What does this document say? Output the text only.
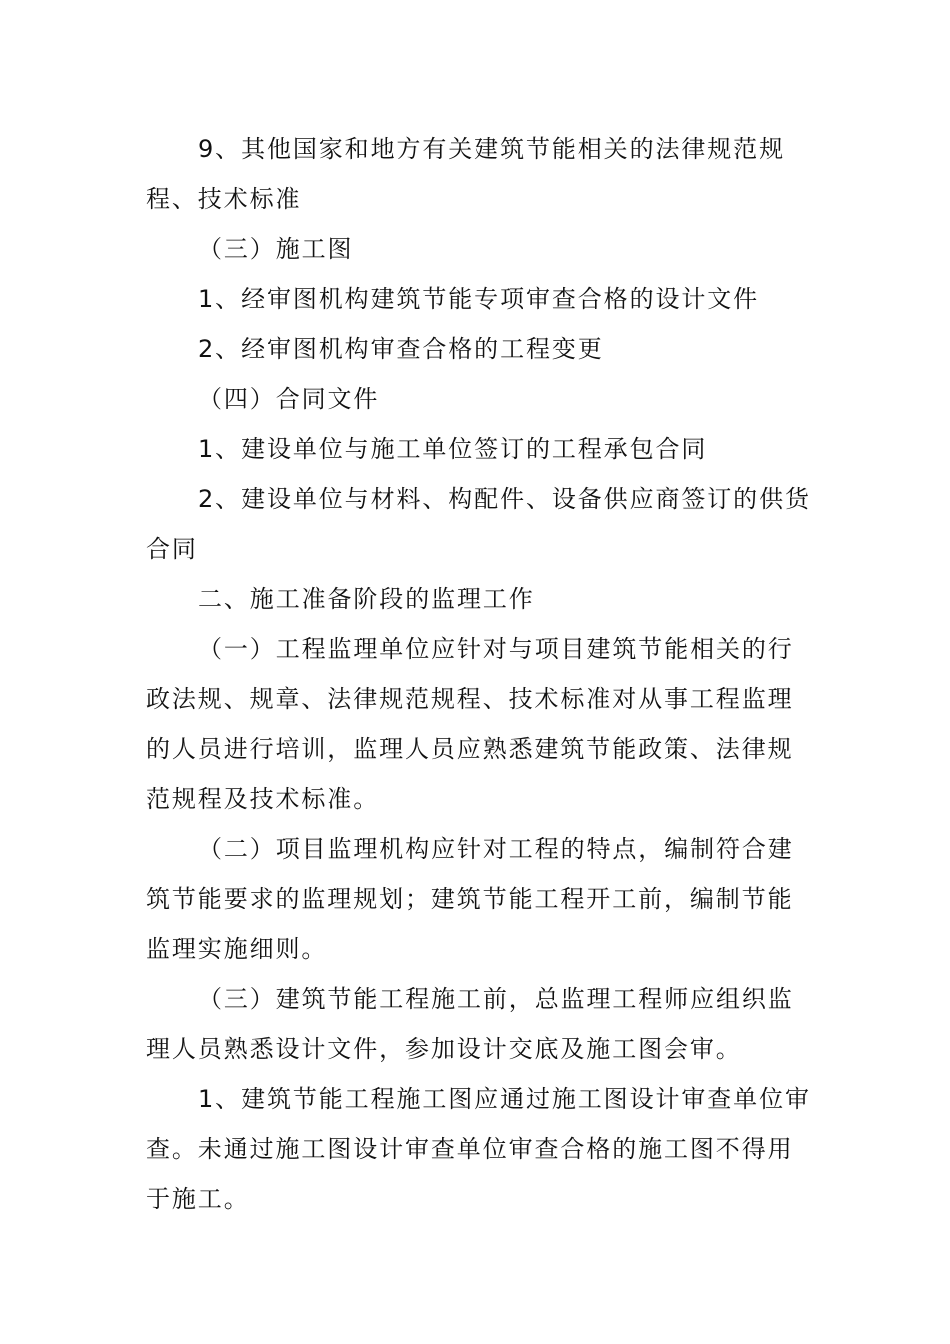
9、其他国家和地方有关建筑节能相关的法律规范规程、技术标准

（三）施工图

1、经审图机构建筑节能专项审查合格的设计文件

2、经审图机构审查合格的工程变更

（四）合同文件

1、建设单位与施工单位签订的工程承包合同

2、建设单位与材料、构配件、设备供应商签订的供货合同

二、施工准备阶段的监理工作

（一）工程监理单位应针对与项目建筑节能相关的行政法规、规章、法律规范规程、技术标准对从事工程监理的人员进行培训，监理人员应熟悉建筑节能政策、法律规范规程及技术标准。

（二）项目监理机构应针对工程的特点，编制符合建筑节能要求的监理规划；建筑节能工程开工前，编制节能监理实施细则。

（三）建筑节能工程施工前，总监理工程师应组织监理人员熟悉设计文件，参加设计交底及施工图会审。

1、建筑节能工程施工图应通过施工图设计审查单位审查。未通过施工图设计审查单位审查合格的施工图不得用于施工。
